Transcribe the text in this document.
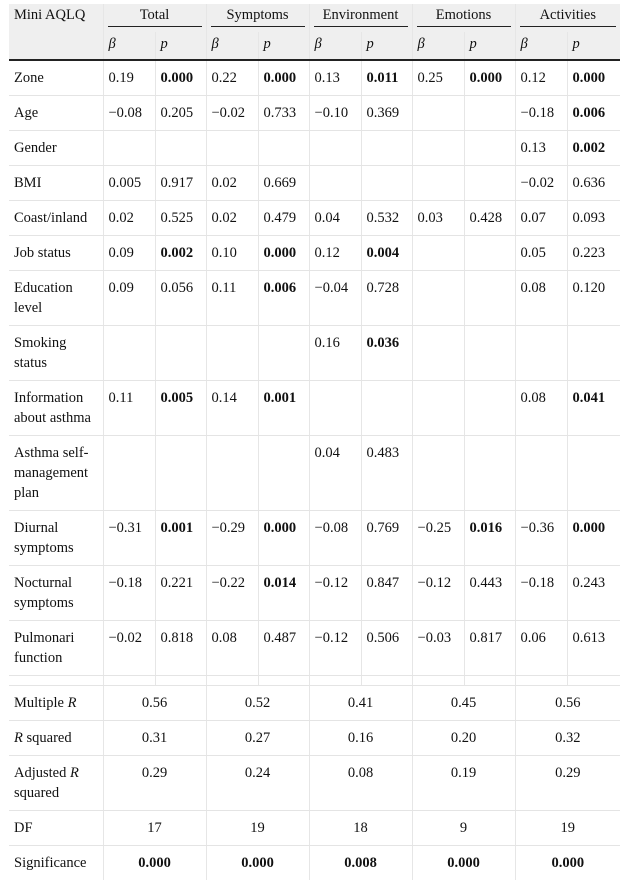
Mini AQLQ	Total		Symptoms		Environment		Emotions		Activities	

	β	p	β	p	β	p	β	p	β	p
Zone	0.19	0.000	0.22	0.000	0.13	0.011	0.25	0.000	0.12	0.000
Age	−0.08	0.205	−0.02	0.733	−0.10	0.369			−0.18	0.006
Gender									0.13	0.002
BMI	0.005	0.917	0.02	0.669					−0.02	0.636
Coast/inland	0.02	0.525	0.02	0.479	0.04	0.532	0.03	0.428	0.07	0.093
Job status	0.09	0.002	0.10	0.000	0.12	0.004			0.05	0.223
Education level	0.09	0.056	0.11	0.006	−0.04	0.728			0.08	0.120
Smoking status					0.16	0.036				
Information about asthma	0.11	0.005	0.14	0.001					0.08	0.041
Asthma self-management plan					0.04	0.483				
Diurnal symptoms	−0.31	0.001	−0.29	0.000	−0.08	0.769	−0.25	0.016	−0.36	0.000
Nocturnal symptoms	−0.18	0.221	−0.22	0.014	−0.12	0.847	−0.12	0.443	−0.18	0.243
Pulmonari function	−0.02	0.818	0.08	0.487	−0.12	0.506	−0.03	0.817	0.06	0.613

Multiple R	0.56		0.52		0.41		0.45		0.56	
R squared	0.31		0.27		0.16		0.20		0.32	
Adjusted R squared	0.29		0.24		0.08		0.19		0.29	
DF	17		19		18		9		19	
Significance	0.000		0.000		0.008		0.000		0.000	
